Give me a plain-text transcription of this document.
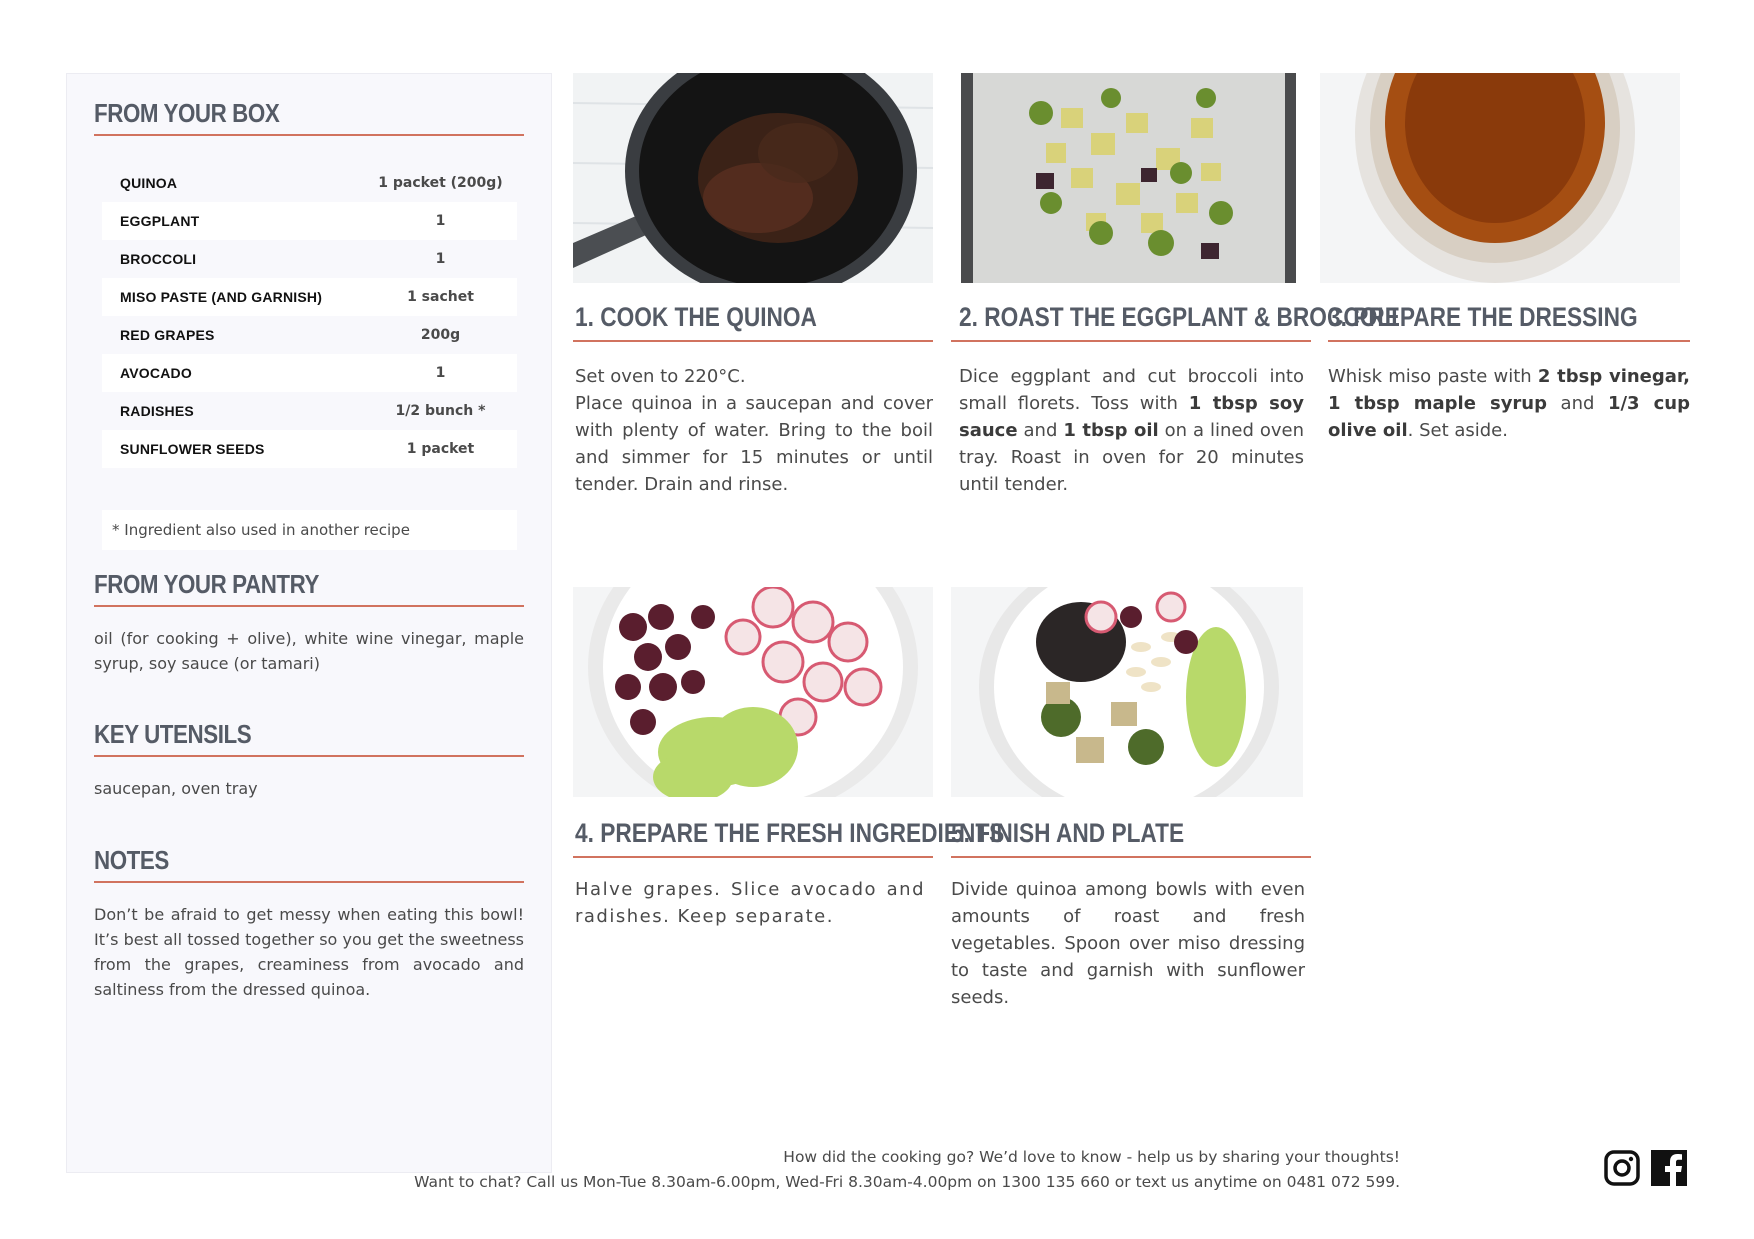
FROM YOUR BOX
QUINOA	1 packet (200g)
EGGPLANT	1
BROCCOLI	1
MISO PASTE (AND GARNISH)	1 sachet
RED GRAPES	200g
AVOCADO	1
RADISHES	1/2 bunch *
SUNFLOWER SEEDS	1 packet
* Ingredient also used in another recipe
FROM YOUR PANTRY
oil (for cooking + olive), white wine vinegar, maple syrup, soy sauce (or tamari)
KEY UTENSILS
saucepan, oven tray
NOTES
Don’t be afraid to get messy when eating this bowl! It’s best all tossed together so you get the sweetness from the grapes, creaminess from avocado and saltiness from the dressed quinoa.
1. COOK THE QUINOA
Set oven to 220°C.
Place quinoa in a saucepan and cover with plenty of water. Bring to the boil and simmer for 15 minutes or until tender. Drain and rinse.
2. ROAST THE EGGPLANT & BROCCOLI
Dice eggplant and cut broccoli into small florets. Toss with 1 tbsp soy sauce and 1 tbsp oil on a lined oven tray. Roast in oven for 20 minutes until tender.
3. PREPARE THE DRESSING
Whisk miso paste with 2 tbsp vinegar, 1 tbsp maple syrup and 1/3 cup olive oil. Set aside.
4. PREPARE THE FRESH INGREDIENTS
Halve grapes. Slice avocado and radishes. Keep separate.
5. FINISH AND PLATE
Divide quinoa among bowls with even amounts of roast and fresh vegetables. Spoon over miso dressing to taste and garnish with sunflower seeds.
How did the cooking go? We’d love to know - help us by sharing your thoughts!
Want to chat? Call us Mon-Tue 8.30am-6.00pm, Wed-Fri 8.30am-4.00pm on 1300 135 660 or text us anytime on 0481 072 599.
